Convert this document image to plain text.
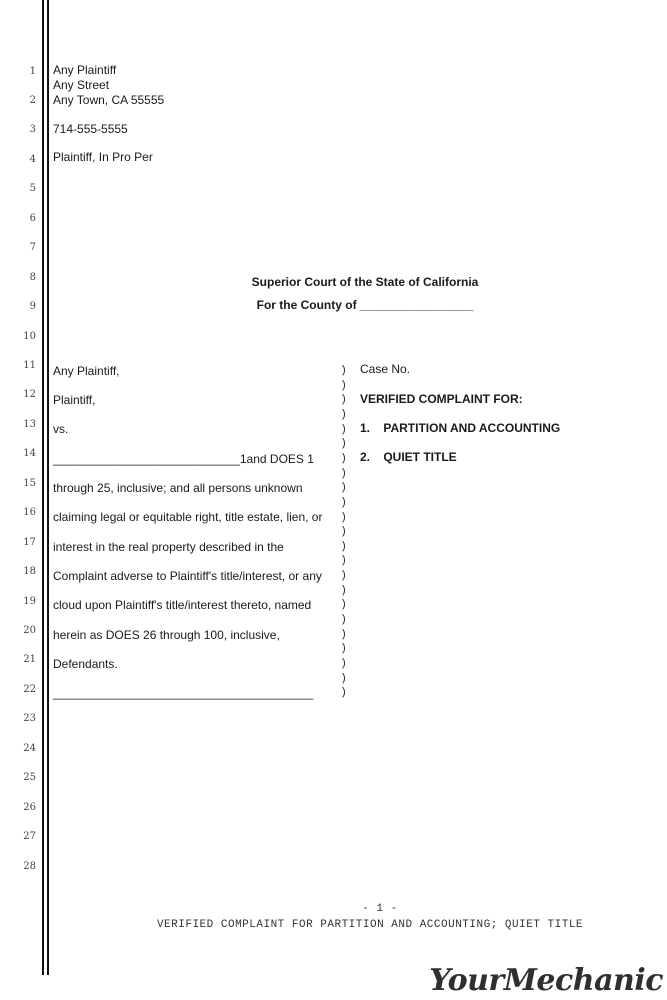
1
2
3
4
5
6
7
8
9
10
11
12
13
14
15
16
17
18
19
20
21
22
23
24
25
26
27
28
Any Plaintiff
Any Street
Any Town, CA 55555
714-555-5555
Plaintiff, In Pro Per
Superior Court of the State of California
For the County of _________________
Any Plaintiff,
Plaintiff,
vs.
____________________________1and DOES 1
through 25, inclusive; and all persons unknown
claiming legal or equitable right, title estate, lien, or
interest in the real property described in the
Complaint adverse to Plaintiff's title/interest, or any
cloud upon Plaintiff's title/interest thereto, named
herein as DOES 26 through 100, inclusive,
Defendants.
_______________________________________
)
)
)
)
)
)
)
)
)
)
)
)
)
)
)
)
)
)
)
)
)
)
)
Case No.
VERIFIED COMPLAINT FOR:
1.    PARTITION AND ACCOUNTING
2.    QUIET TITLE
- 1 -
VERIFIED COMPLAINT FOR PARTITION AND ACCOUNTING; QUIET TITLE
YourMechanic
